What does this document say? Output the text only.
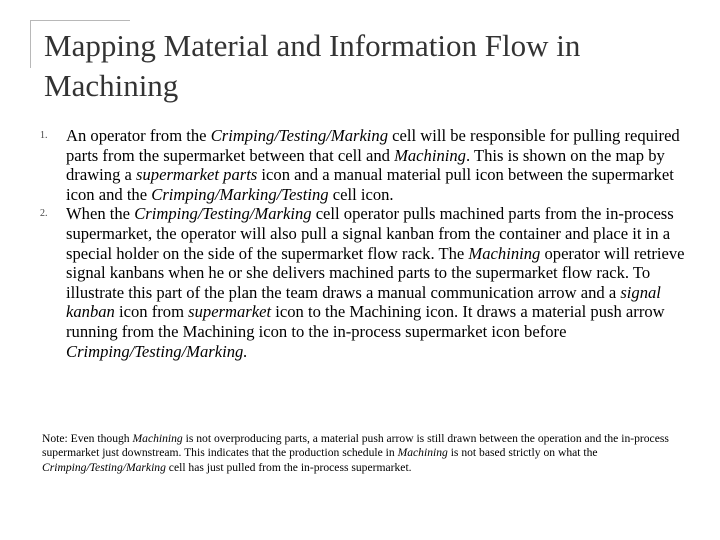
Mapping Material and Information Flow in Machining
1.	An operator from the Crimping/Testing/Marking cell will be responsible for pulling required parts from the supermarket between that cell and Machining. This is shown on the map by drawing a supermarket parts icon and a manual material pull icon between the supermarket icon and the Crimping/Marking/Testing cell icon.

2.	When the Crimping/Testing/Marking cell operator pulls machined parts from the in-process supermarket, the operator will also pull a signal kanban from the container and place it in a special holder on the side of the supermarket flow rack. The Machining operator will retrieve signal kanbans when he or she delivers machined parts to the supermarket flow rack. To illustrate this part of the plan the team draws a manual communication arrow and a signal kanban icon from supermarket icon to the Machining icon. It draws a material push arrow running from the Machining icon to the in-process supermarket icon before Crimping/Testing/Marking.

Note: Even though Machining is not overproducing parts, a material push arrow is still drawn between the operation and the in-process supermarket just downstream. This indicates that the production schedule in Machining is not based strictly on what the Crimping/Testing/Marking cell has just pulled from the in-process supermarket.
